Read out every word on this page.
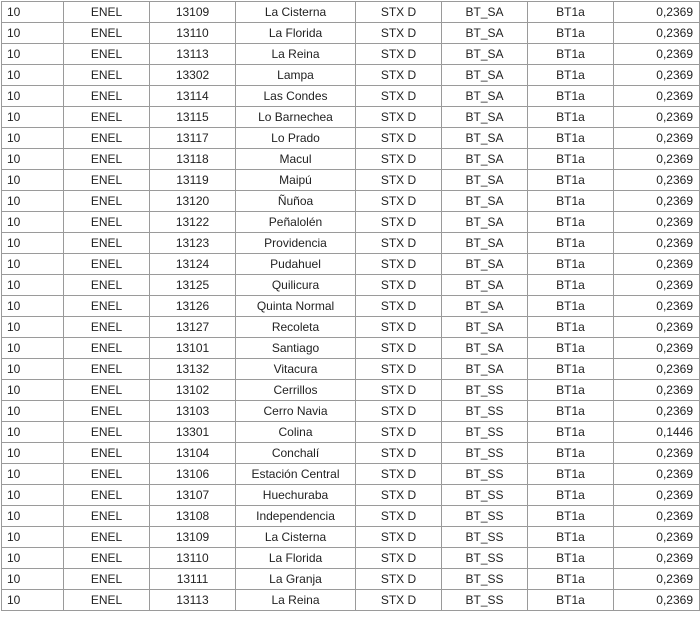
10	ENEL	13109	La Cisterna	STX D	BT_SA	BT1a	0,2369
10	ENEL	13110	La Florida	STX D	BT_SA	BT1a	0,2369
10	ENEL	13113	La Reina	STX D	BT_SA	BT1a	0,2369
10	ENEL	13302	Lampa	STX D	BT_SA	BT1a	0,2369
10	ENEL	13114	Las Condes	STX D	BT_SA	BT1a	0,2369
10	ENEL	13115	Lo Barnechea	STX D	BT_SA	BT1a	0,2369
10	ENEL	13117	Lo Prado	STX D	BT_SA	BT1a	0,2369
10	ENEL	13118	Macul	STX D	BT_SA	BT1a	0,2369
10	ENEL	13119	Maipú	STX D	BT_SA	BT1a	0,2369
10	ENEL	13120	Ñuñoa	STX D	BT_SA	BT1a	0,2369
10	ENEL	13122	Peñalolén	STX D	BT_SA	BT1a	0,2369
10	ENEL	13123	Providencia	STX D	BT_SA	BT1a	0,2369
10	ENEL	13124	Pudahuel	STX D	BT_SA	BT1a	0,2369
10	ENEL	13125	Quilicura	STX D	BT_SA	BT1a	0,2369
10	ENEL	13126	Quinta Normal	STX D	BT_SA	BT1a	0,2369
10	ENEL	13127	Recoleta	STX D	BT_SA	BT1a	0,2369
10	ENEL	13101	Santiago	STX D	BT_SA	BT1a	0,2369
10	ENEL	13132	Vitacura	STX D	BT_SA	BT1a	0,2369
10	ENEL	13102	Cerrillos	STX D	BT_SS	BT1a	0,2369
10	ENEL	13103	Cerro Navia	STX D	BT_SS	BT1a	0,2369
10	ENEL	13301	Colina	STX D	BT_SS	BT1a	0,1446
10	ENEL	13104	Conchalí	STX D	BT_SS	BT1a	0,2369
10	ENEL	13106	Estación Central	STX D	BT_SS	BT1a	0,2369
10	ENEL	13107	Huechuraba	STX D	BT_SS	BT1a	0,2369
10	ENEL	13108	Independencia	STX D	BT_SS	BT1a	0,2369
10	ENEL	13109	La Cisterna	STX D	BT_SS	BT1a	0,2369
10	ENEL	13110	La Florida	STX D	BT_SS	BT1a	0,2369
10	ENEL	13111	La Granja	STX D	BT_SS	BT1a	0,2369
10	ENEL	13113	La Reina	STX D	BT_SS	BT1a	0,2369
